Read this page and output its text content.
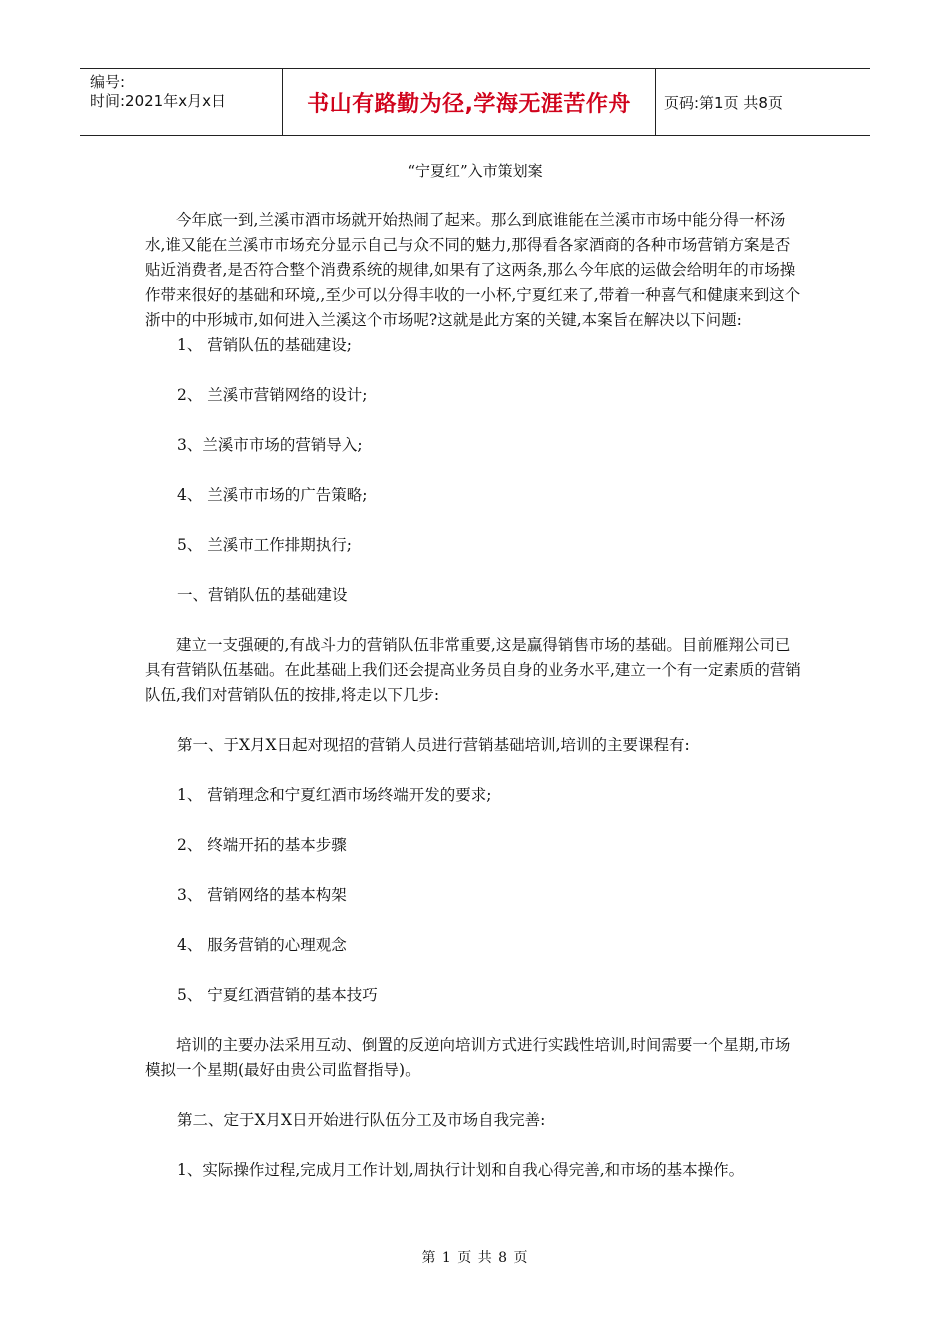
编号:
时间:2021年x月x日	书山有路勤为径,学海无涯苦作舟	页码:第1页 共8页
“宁夏红”入市策划案

今年底一到,兰溪市酒市场就开始热闹了起来。那么到底谁能在兰溪市市场中能分得一杯汤水,谁又能在兰溪市市场充分显示自己与众不同的魅力,那得看各家酒商的各种市场营销方案是否贴近消费者,是否符合整个消费系统的规律,如果有了这两条,那么今年底的运做会给明年的市场操作带来很好的基础和环境,,至少可以分得丰收的一小杯,宁夏红来了,带着一种喜气和健康来到这个浙中的中形城市,如何进入兰溪这个市场呢?这就是此方案的关键,本案旨在解决以下问题:

1、 营销队伍的基础建设;

2、 兰溪市营销网络的设计;

3、兰溪市市场的营销导入;

4、 兰溪市市场的广告策略;

5、 兰溪市工作排期执行;

一、营销队伍的基础建设

建立一支强硬的,有战斗力的营销队伍非常重要,这是赢得销售市场的基础。目前雁翔公司已具有营销队伍基础。在此基础上我们还会提高业务员自身的业务水平,建立一个有一定素质的营销队伍,我们对营销队伍的按排,将走以下几步:

第一、于X月X日起对现招的营销人员进行营销基础培训,培训的主要课程有:

1、 营销理念和宁夏红酒市场终端开发的要求;

2、 终端开拓的基本步骤

3、 营销网络的基本构架

4、 服务营销的心理观念

5、 宁夏红酒营销的基本技巧

培训的主要办法采用互动、倒置的反逆向培训方式进行实践性培训,时间需要一个星期,市场模拟一个星期(最好由贵公司监督指导)。

第二、定于X月X日开始进行队伍分工及市场自我完善:

1、实际操作过程,完成月工作计划,周执行计划和自我心得完善,和市场的基本操作。

第 1 页 共 8 页
